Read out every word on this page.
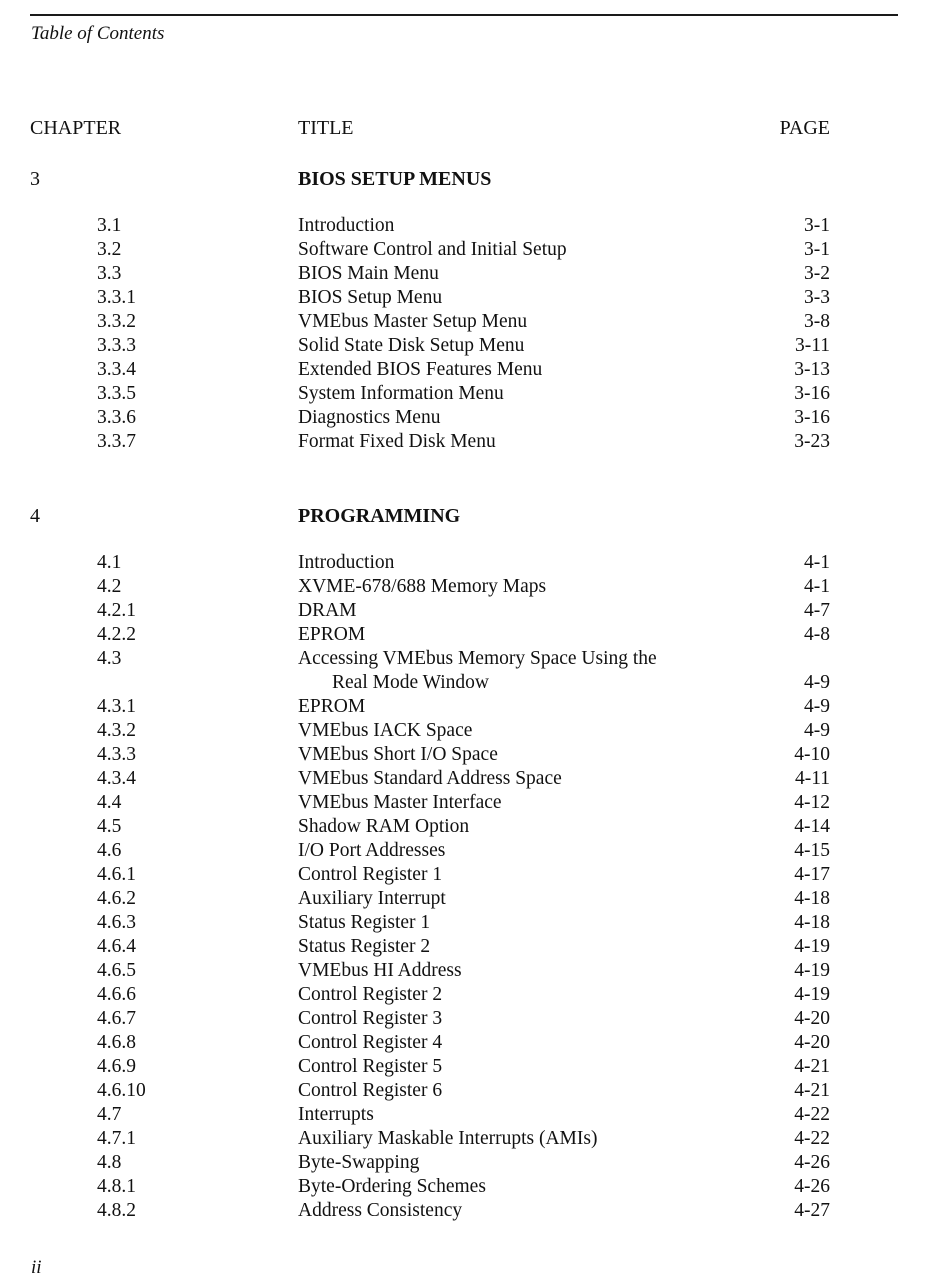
Table of Contents
CHAPTER	TITLE	PAGE
3	BIOS SETUP MENUS
3.1	Introduction	3-1
3.2	Software Control and Initial Setup	3-1
3.3	BIOS Main Menu	3-2
3.3.1	BIOS Setup Menu	3-3
3.3.2	VMEbus Master Setup Menu	3-8
3.3.3	Solid State Disk Setup Menu	3-11
3.3.4	Extended BIOS Features Menu	3-13
3.3.5	System Information Menu	3-16
3.3.6	Diagnostics Menu	3-16
3.3.7	Format Fixed Disk Menu	3-23
4	PROGRAMMING
4.1	Introduction	4-1
4.2	XVME-678/688 Memory Maps	4-1
4.2.1	DRAM	4-7
4.2.2	EPROM	4-8
4.3	Accessing VMEbus Memory Space Using the
Real Mode Window	4-9
4.3.1	EPROM	4-9
4.3.2	VMEbus IACK Space	4-9
4.3.3	VMEbus Short I/O Space	4-10
4.3.4	VMEbus Standard Address Space	4-11
4.4	VMEbus Master Interface	4-12
4.5	Shadow RAM Option	4-14
4.6	I/O Port Addresses	4-15
4.6.1	Control Register 1	4-17
4.6.2	Auxiliary Interrupt	4-18
4.6.3	Status Register 1	4-18
4.6.4	Status Register 2	4-19
4.6.5	VMEbus HI Address	4-19
4.6.6	Control Register 2	4-19
4.6.7	Control Register 3	4-20
4.6.8	Control Register 4	4-20
4.6.9	Control Register 5	4-21
4.6.10	Control Register 6	4-21
4.7	Interrupts	4-22
4.7.1	Auxiliary Maskable Interrupts (AMIs)	4-22
4.8	Byte-Swapping	4-26
4.8.1	Byte-Ordering Schemes	4-26
4.8.2	Address Consistency	4-27
ii
